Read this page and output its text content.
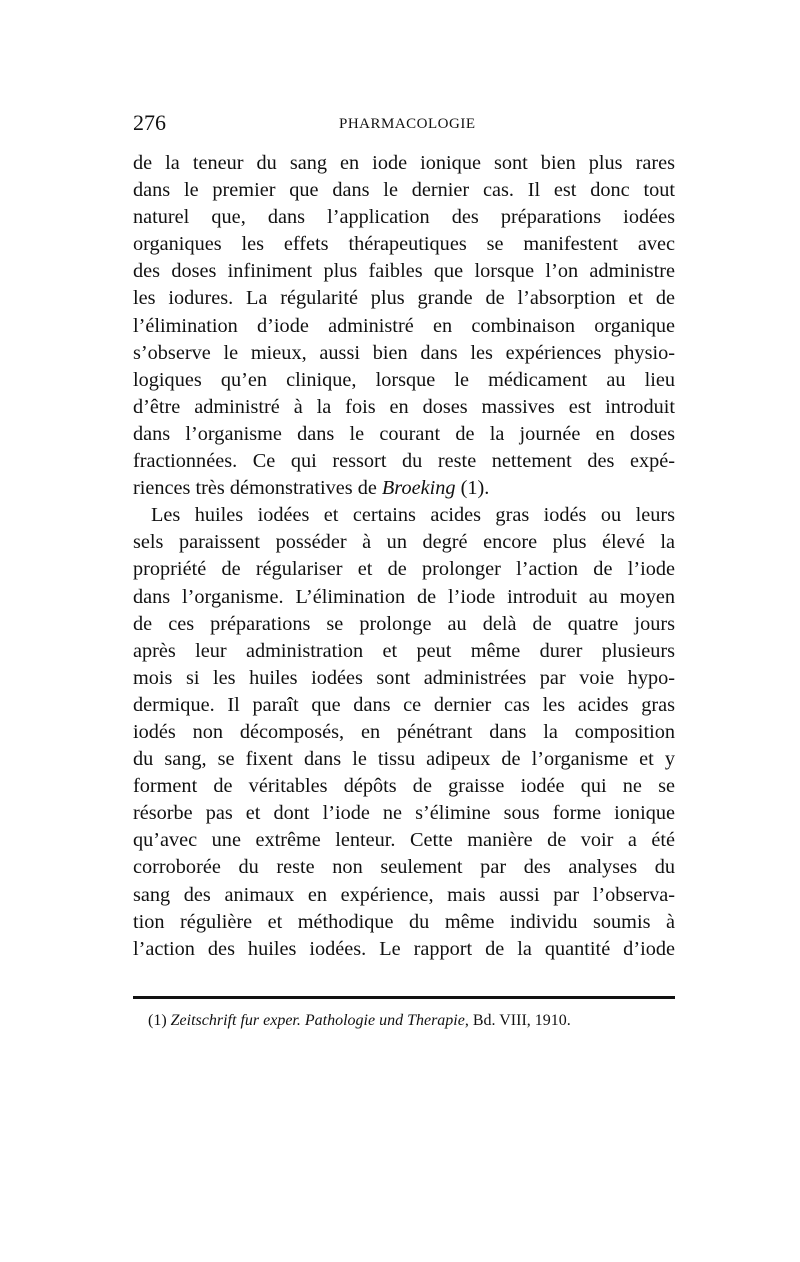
276	PHARMACOLOGIE
de la teneur du sang en iode ionique sont bien plus rares
dans le premier que dans le dernier cas. Il est donc tout
naturel que, dans l’application des préparations iodées
organiques les effets thérapeutiques se manifestent avec
des doses infiniment plus faibles que lorsque l’on administre
les iodures. La régularité plus grande de l’absorption et de
l’élimination d’iode administré en combinaison organique
s’observe le mieux, aussi bien dans les expériences physio-
logiques qu’en clinique, lorsque le médicament au lieu
d’être administré à la fois en doses massives est introduit
dans l’organisme dans le courant de la journée en doses
fractionnées. Ce qui ressort du reste nettement des expé-
riences très démonstratives de Broeking (1).
Les huiles iodées et certains acides gras iodés ou leurs
sels paraissent posséder à un degré encore plus élevé la
propriété de régulariser et de prolonger l’action de l’iode
dans l’organisme. L’élimination de l’iode introduit au moyen
de ces préparations se prolonge au delà de quatre jours
après leur administration et peut même durer plusieurs
mois si les huiles iodées sont administrées par voie hypo-
dermique. Il paraît que dans ce dernier cas les acides gras
iodés non décomposés, en pénétrant dans la composition
du sang, se fixent dans le tissu adipeux de l’organisme et y
forment de véritables dépôts de graisse iodée qui ne se
résorbe pas et dont l’iode ne s’élimine sous forme ionique
qu’avec une extrême lenteur. Cette manière de voir a été
corroborée du reste non seulement par des analyses du
sang des animaux en expérience, mais aussi par l’observa-
tion régulière et méthodique du même individu soumis à
l’action des huiles iodées. Le rapport de la quantité d’iode
(1) Zeitschrift fur exper. Pathologie und Therapie, Bd. VIII, 1910.
